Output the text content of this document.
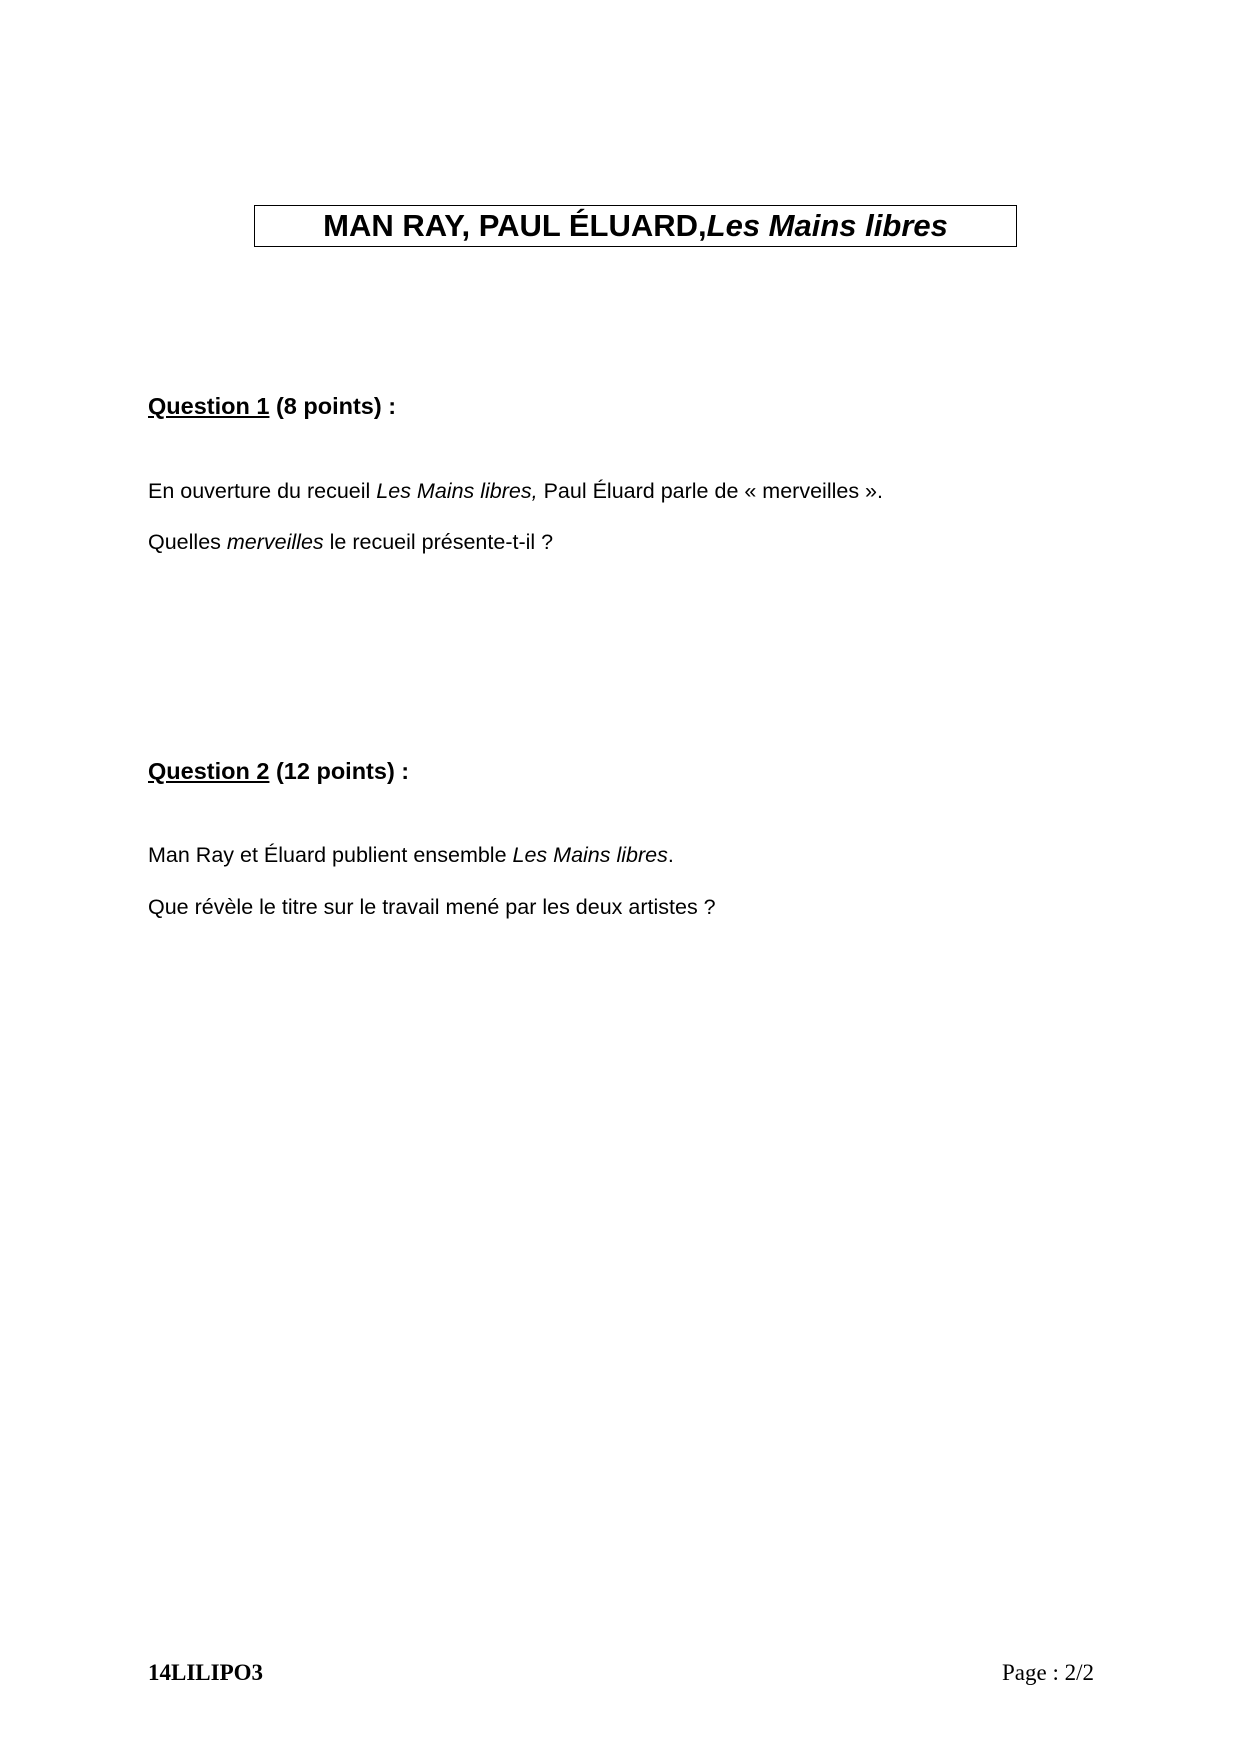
MAN RAY, PAUL ÉLUARD, Les Mains libres
Question 1 (8 points) :
En ouverture du recueil Les Mains libres, Paul Éluard parle de « merveilles ».
Quelles merveilles le recueil présente-t-il ?
Question 2 (12 points) :
Man Ray et Éluard publient ensemble Les Mains libres.
Que révèle le titre sur le travail mené par les deux artistes ?
14LILIPO3	Page : 2/2
